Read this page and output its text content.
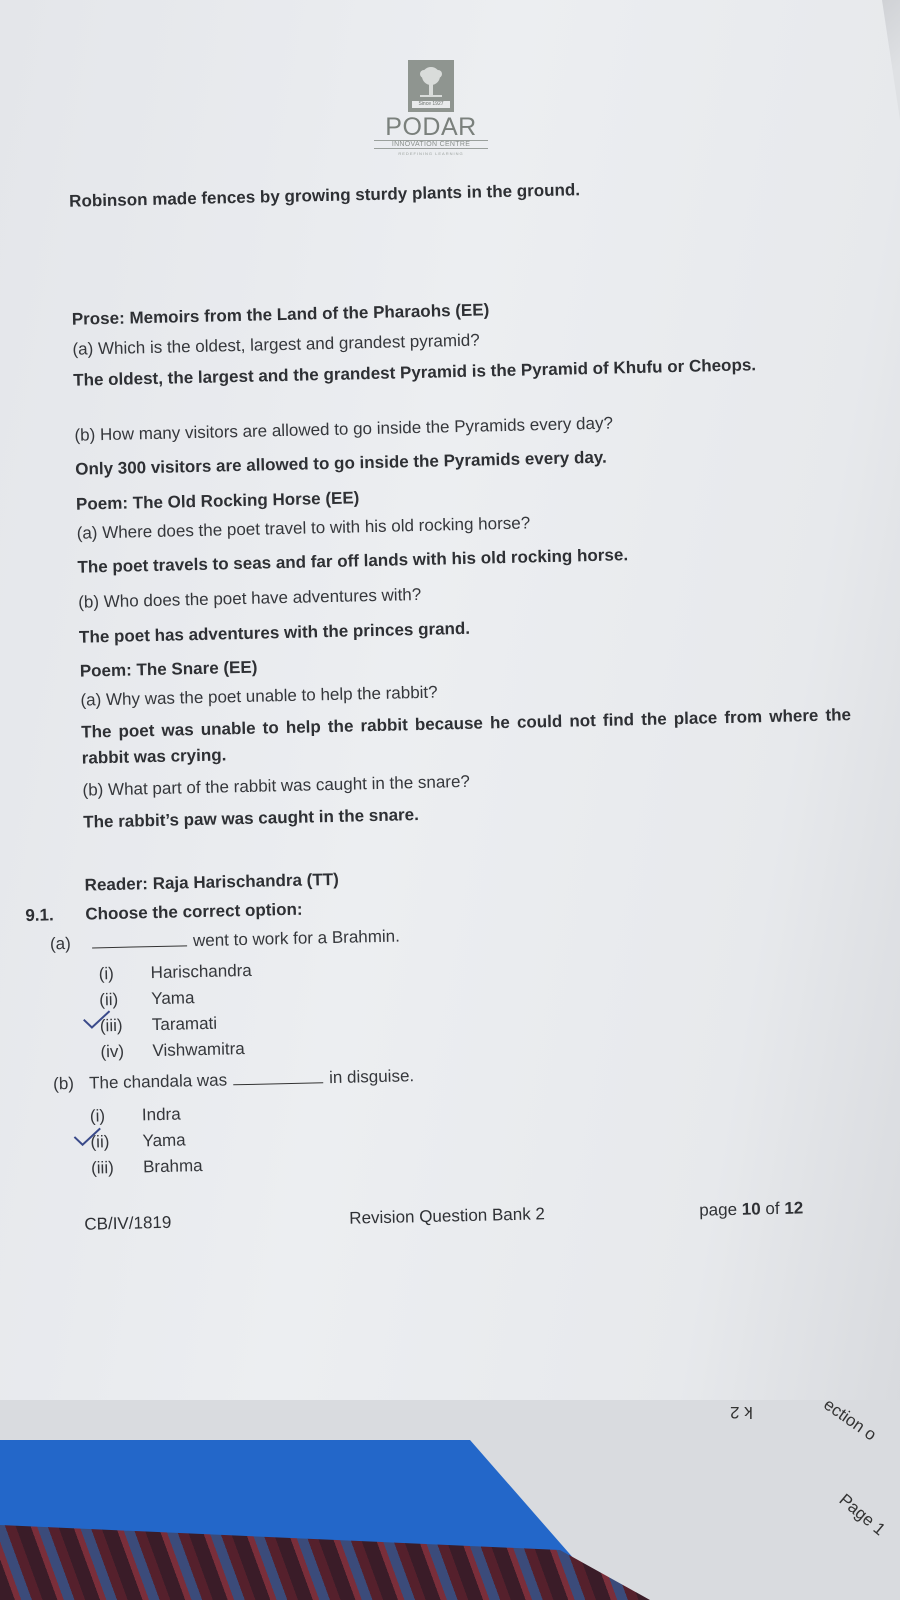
Since 1927
PODAR
INNOVATION CENTRE
REDEFINING LEARNING
Robinson made fences by growing sturdy plants in the ground.
Prose: Memoirs from the Land of the Pharaohs (EE)
(a) Which is the oldest, largest and grandest pyramid?
The oldest, the largest and the grandest Pyramid is the Pyramid of Khufu or Cheops.
(b) How many visitors are allowed to go inside the Pyramids every day?
Only 300 visitors are allowed to go inside the Pyramids every day.
Poem: The Old Rocking Horse (EE)
(a) Where does the poet travel to with his old rocking horse?
The poet travels to seas and far off lands with his old rocking horse.
(b) Who does the poet have adventures with?
The poet has adventures with the princes grand.
Poem: The Snare (EE)
(a) Why was the poet unable to help the rabbit?
The poet was unable to help the rabbit because he could not find the place from where the rabbit was crying.
(b) What part of the rabbit was caught in the snare?
The rabbit’s paw was caught in the snare.
Reader: Raja Harischandra (TT)
9.1. Choose the correct option:
(a)	went to work for a Brahmin.
(i) Harischandra
(ii) Yama
(iii) Taramati
(iv) Vishwamitra
(b) The chandala was	in disguise.
(i) Indra
(ii) Yama
(iii) Brahma
CB/IV/1819	Revision Question Bank 2	page 10 of 12
k 2	ection o
Page 1
